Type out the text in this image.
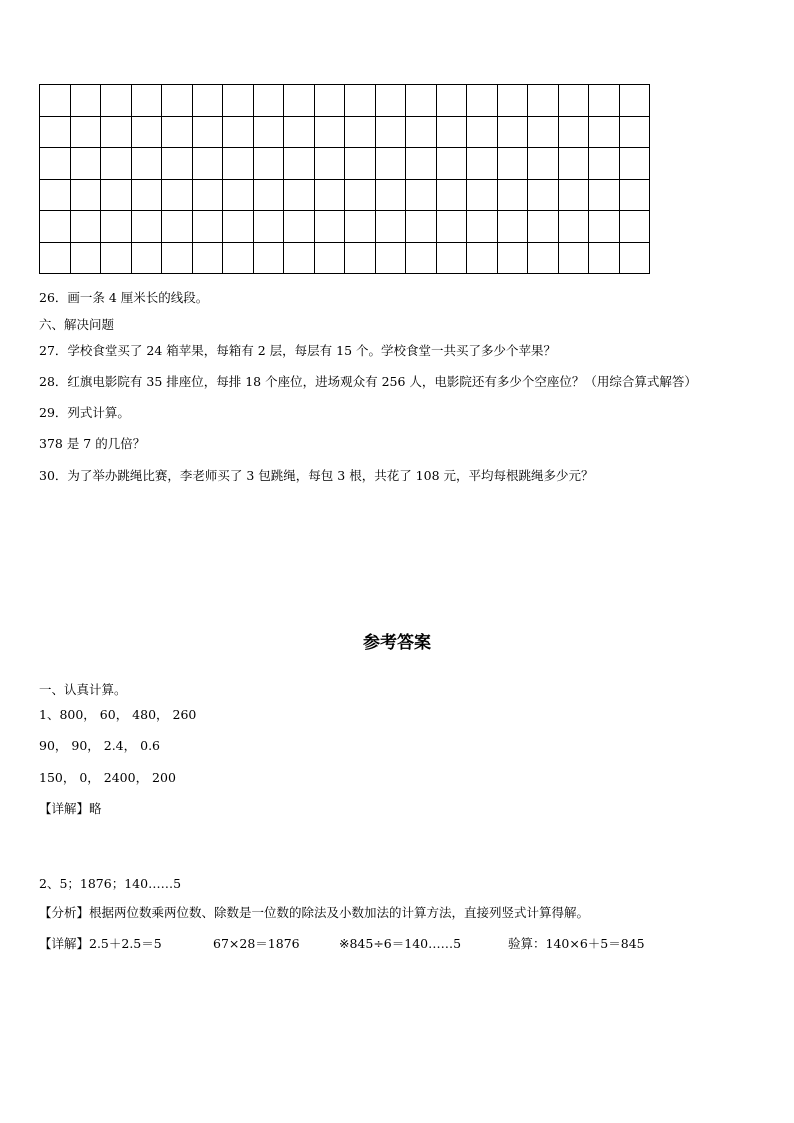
26．画一条 4 厘米长的线段。
六、解决问题
27．学校食堂买了 24 箱苹果，每箱有 2 层，每层有 15 个。学校食堂一共买了多少个苹果？
28．红旗电影院有 35 排座位，每排 18 个座位，进场观众有 256 人，电影院还有多少个空座位？（用综合算式解答）
29．列式计算。
378 是 7 的几倍？
30．为了举办跳绳比赛，李老师买了 3 包跳绳，每包 3 根，共花了 108 元，平均每根跳绳多少元？
参考答案
一、认真计算。
1、800， 60， 480， 260
90， 90， 2.4， 0.6
150， 0， 2400， 200
【详解】略
2、5；1876；140……5
【分析】根据两位数乘两位数、除数是一位数的除法及小数加法的计算方法，直接列竖式计算得解。
【详解】2.5＋2.5＝5	67×28＝1876	※845÷6＝140……5	验算：140×6＋5＝845
